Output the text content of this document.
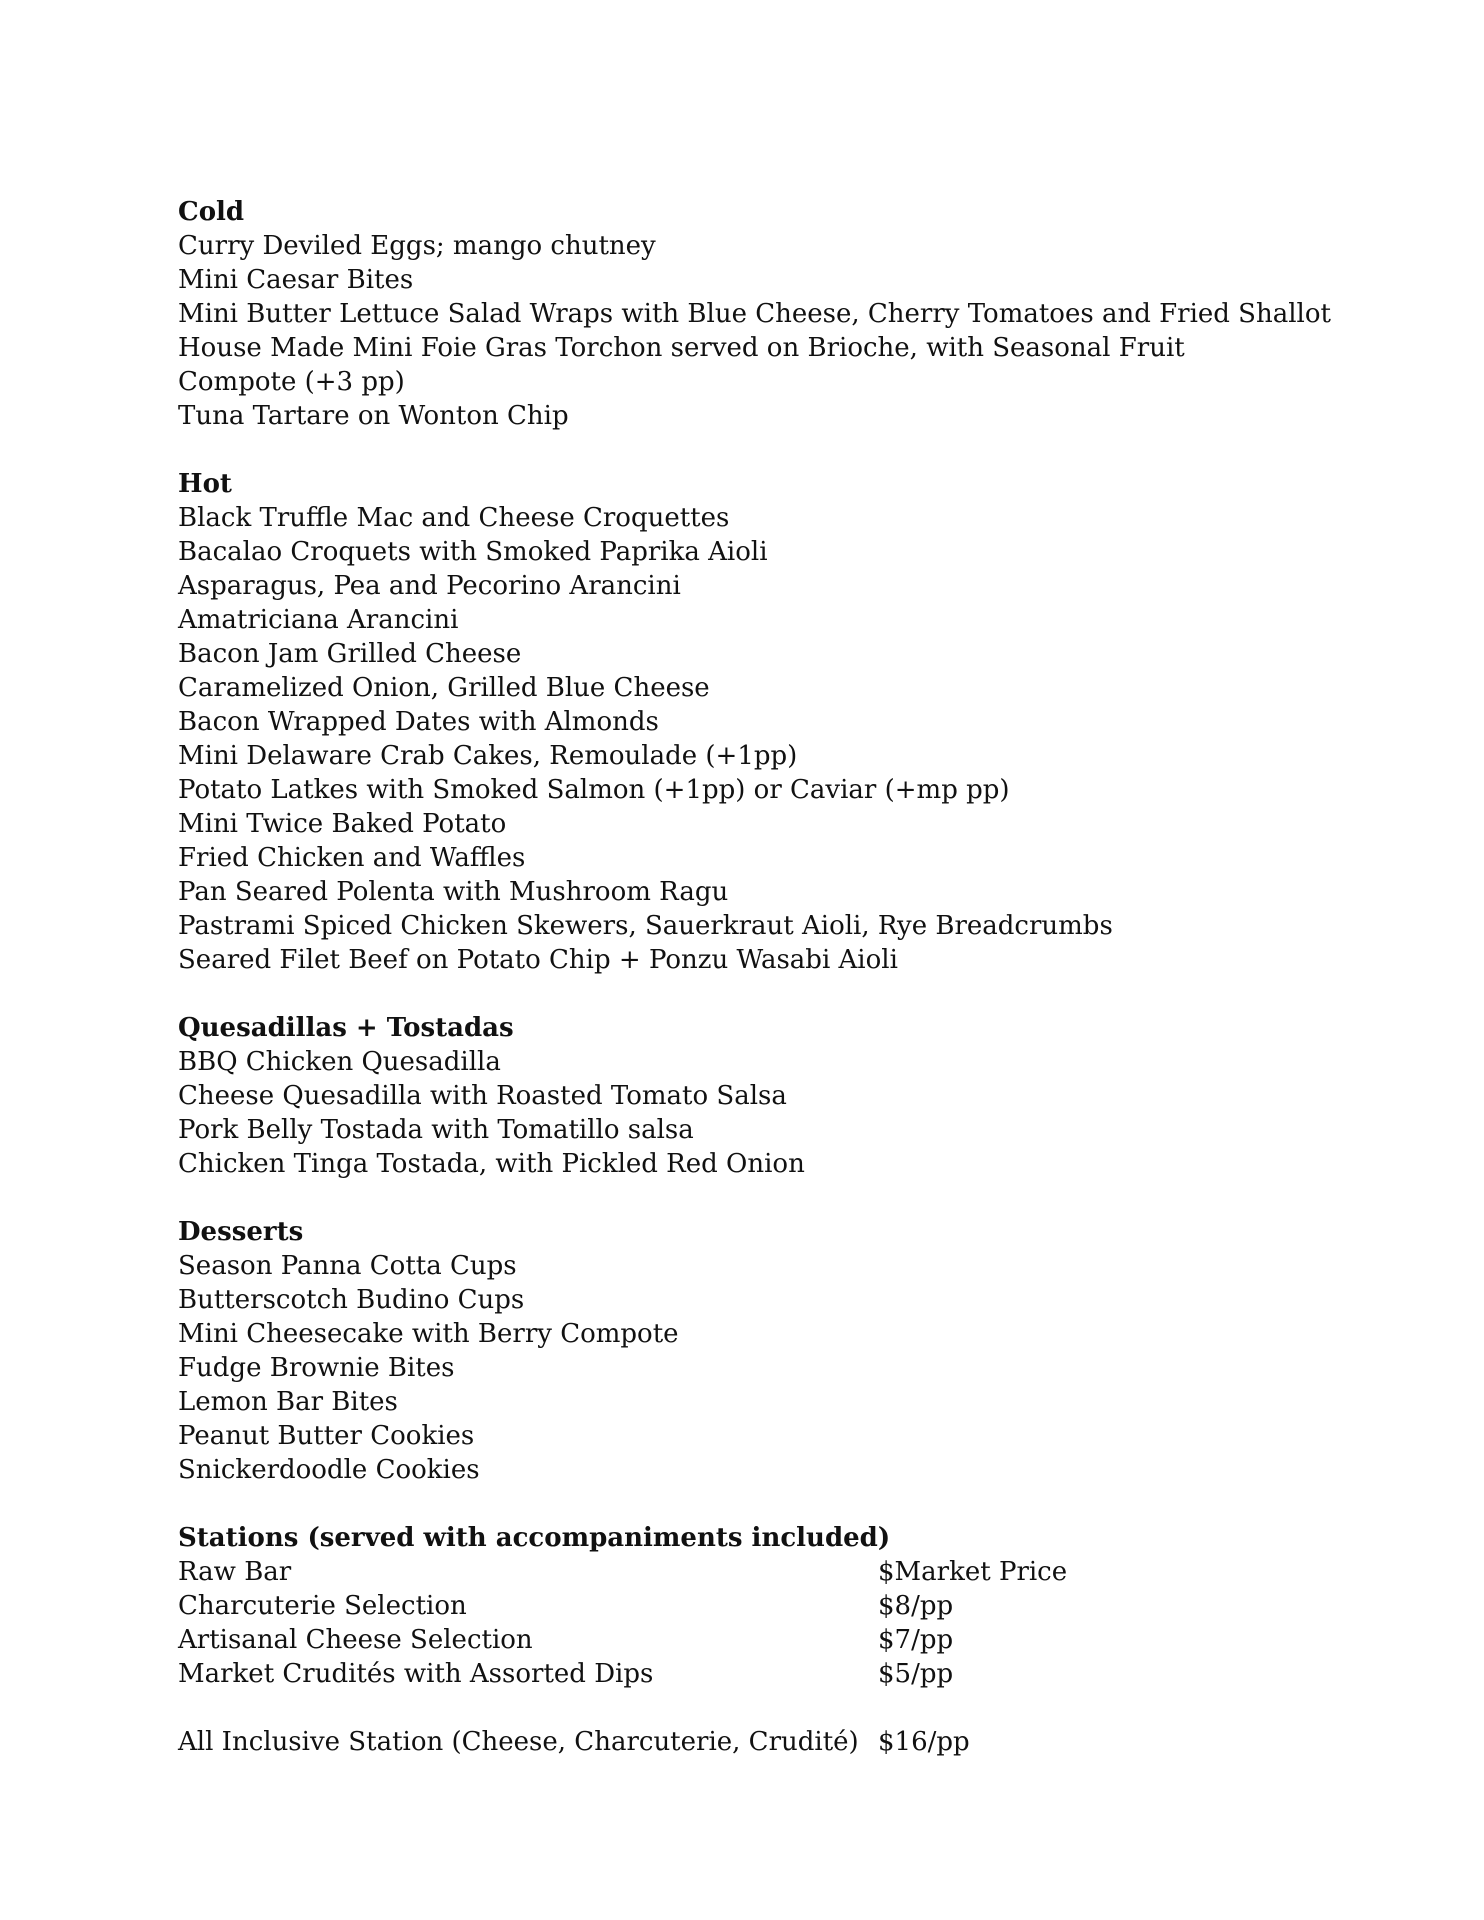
Cold
Curry Deviled Eggs; mango chutney
Mini Caesar Bites
Mini Butter Lettuce Salad Wraps with Blue Cheese, Cherry Tomatoes and Fried Shallot
House Made Mini Foie Gras Torchon served on Brioche, with Seasonal Fruit Compote (+3 pp)
Tuna Tartare on Wonton Chip
Hot
Black Truffle Mac and Cheese Croquettes
Bacalao Croquets with Smoked Paprika Aioli
Asparagus, Pea and Pecorino Arancini
Amatriciana Arancini
Bacon Jam Grilled Cheese
Caramelized Onion, Grilled Blue Cheese
Bacon Wrapped Dates with Almonds
Mini Delaware Crab Cakes, Remoulade (+1pp)
Potato Latkes with Smoked Salmon (+1pp) or Caviar (+mp pp)
Mini Twice Baked Potato
Fried Chicken and Waffles
Pan Seared Polenta with Mushroom Ragu
Pastrami Spiced Chicken Skewers, Sauerkraut Aioli, Rye Breadcrumbs
Seared Filet Beef on Potato Chip + Ponzu Wasabi Aioli
Quesadillas + Tostadas
BBQ Chicken Quesadilla
Cheese Quesadilla with Roasted Tomato Salsa
Pork Belly Tostada with Tomatillo salsa
Chicken Tinga Tostada, with Pickled Red Onion
Desserts
Season Panna Cotta Cups
Butterscotch Budino Cups
Mini Cheesecake with Berry Compote
Fudge Brownie Bites
Lemon Bar Bites
Peanut Butter Cookies
Snickerdoodle Cookies
Stations (served with accompaniments included)
Raw Bar	$Market Price
Charcuterie Selection	$8/pp
Artisanal Cheese Selection	$7/pp
Market Crudités with Assorted Dips	$5/pp
All Inclusive Station (Cheese, Charcuterie, Crudité) $16/pp
